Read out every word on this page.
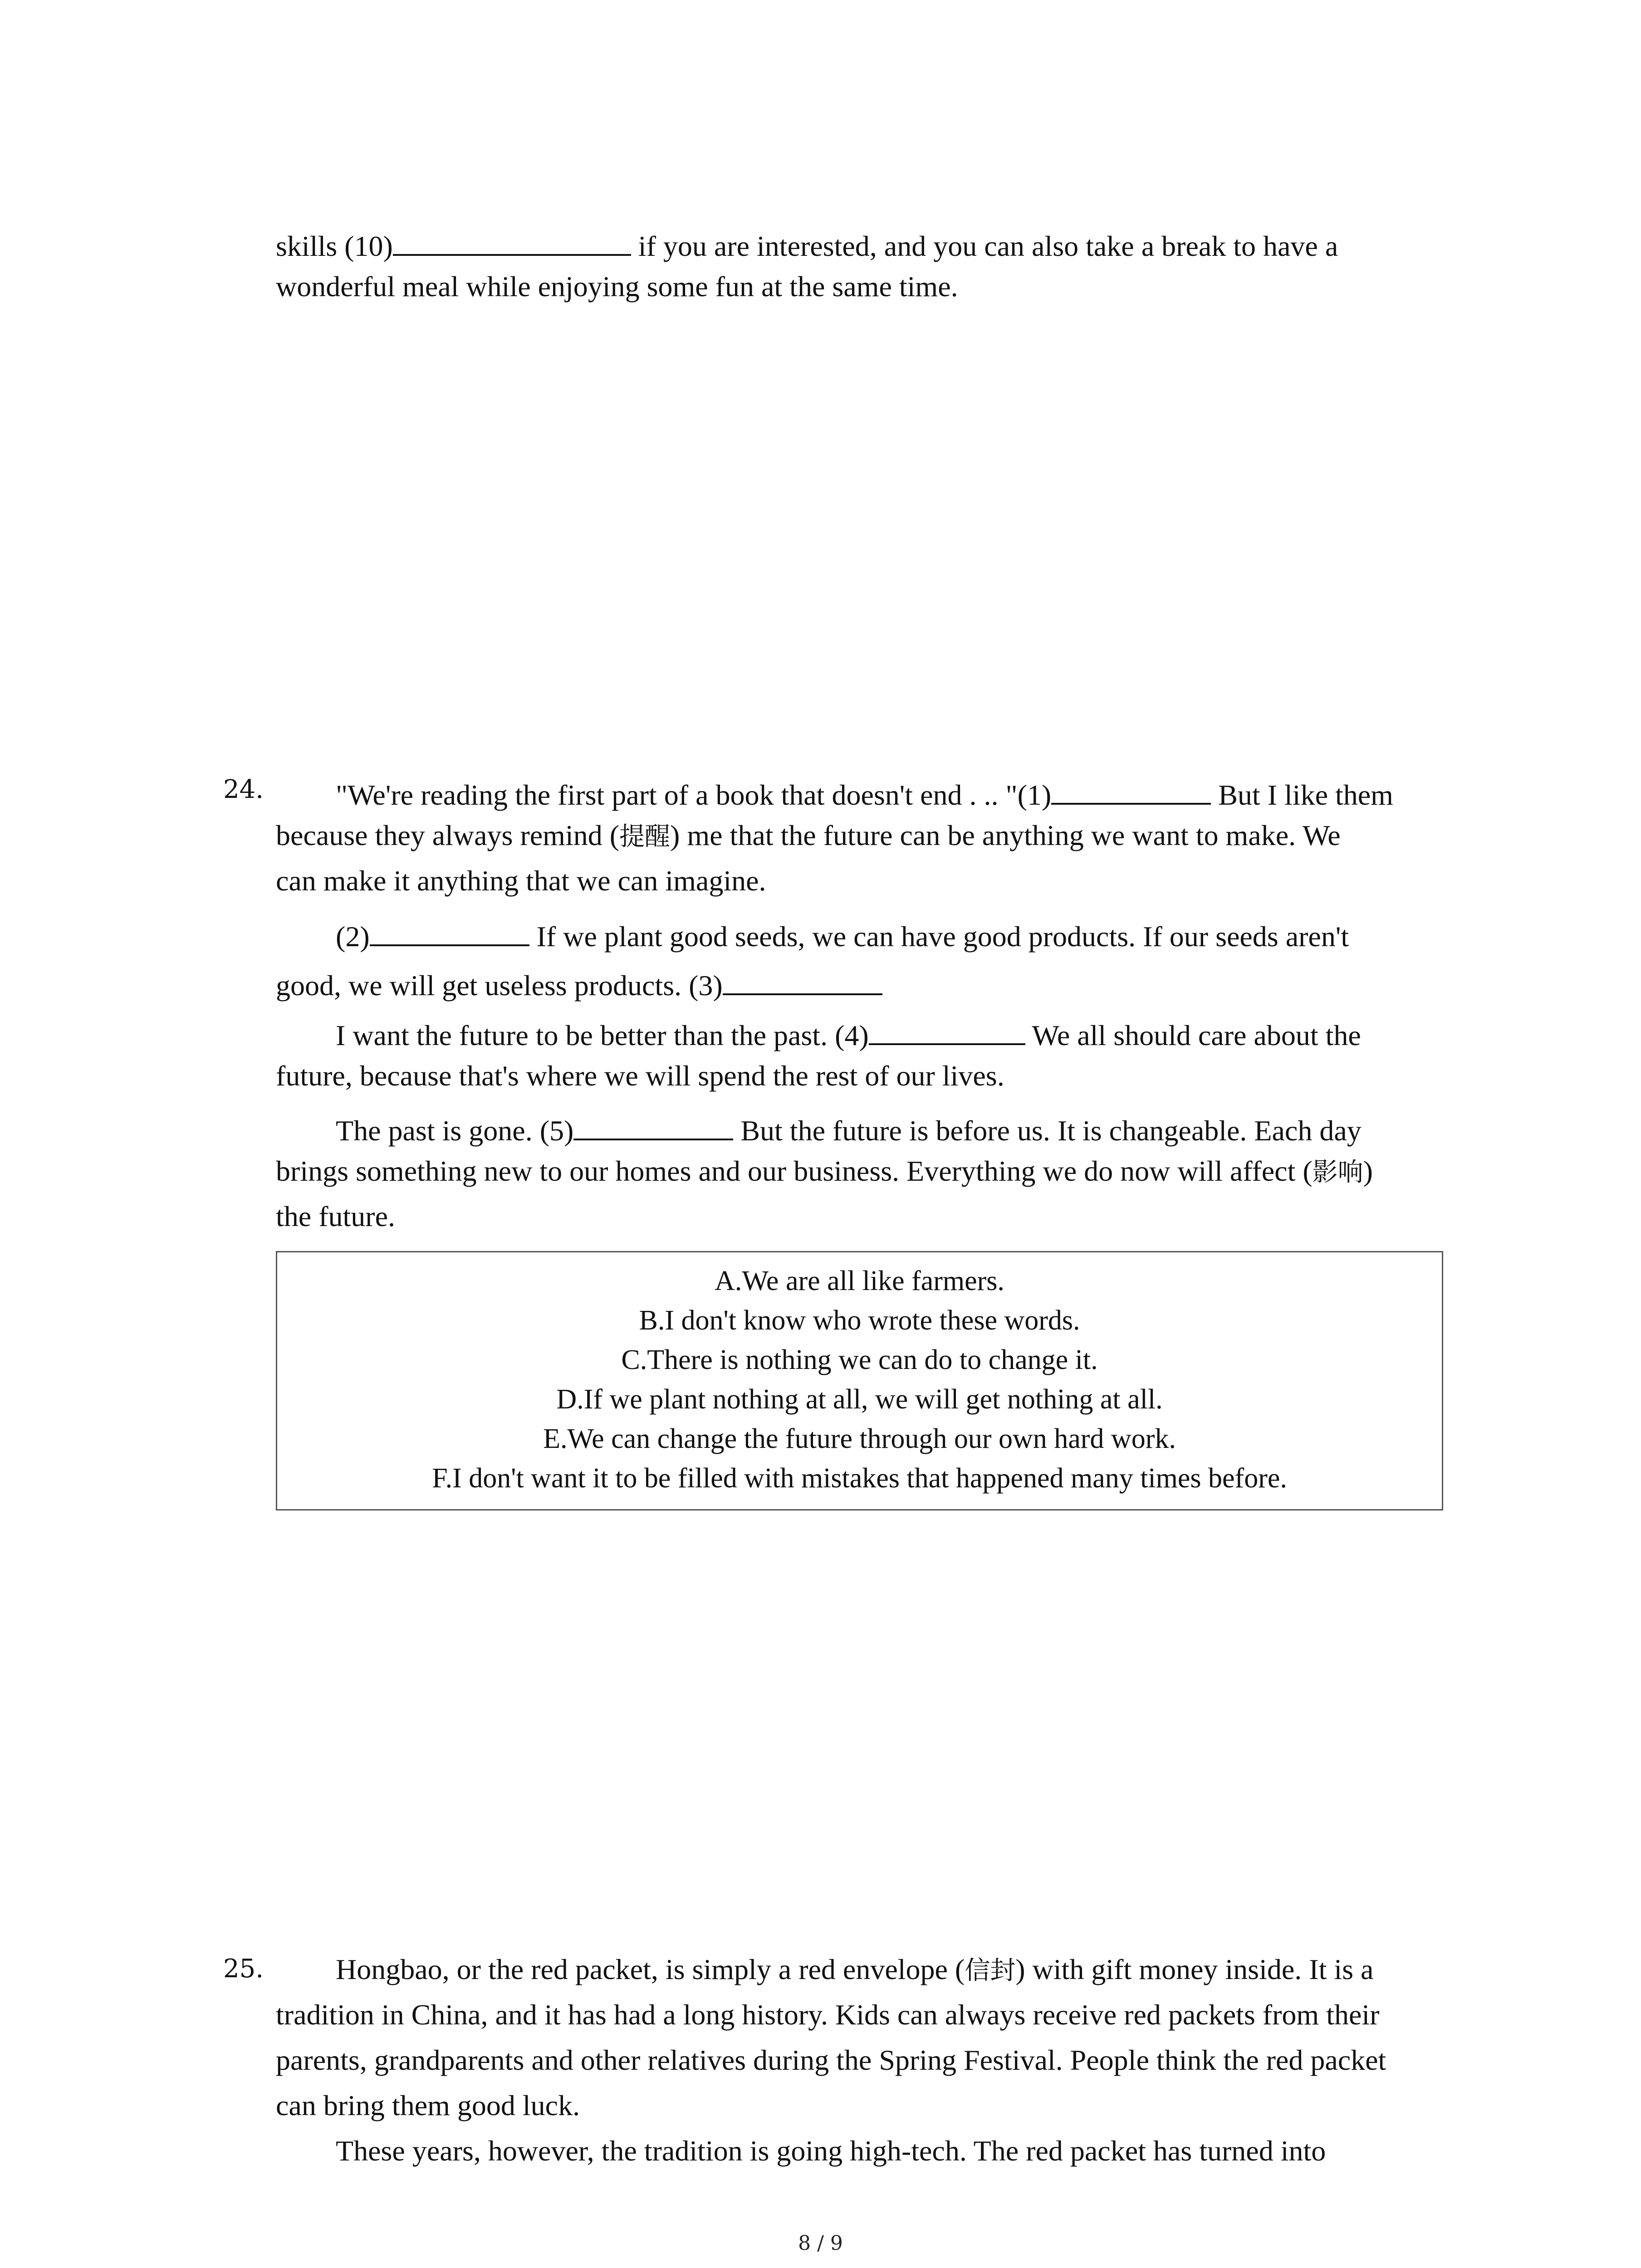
skills (10)	if you are interested, and you can also take a break to have a
wonderful meal while enjoying some fun at the same time.
24. "We're reading the first part of a book that doesn't end . .. "(1)	But I like them
because they always remind (提醒) me that the future can be anything we want to make. We
can make it anything that we can imagine.
(2)	If we plant good seeds, we can have good products. If our seeds aren't
good, we will get useless products. (3)
I want the future to be better than the past. (4)	We all should care about the
future, because that's where we will spend the rest of our lives.
The past is gone. (5)	But the future is before us. It is changeable. Each day
brings something new to our homes and our business. Everything we do now will affect (影响)
the future.
A.We are all like farmers.
B.I don't know who wrote these words.
C.There is nothing we can do to change it.
D.If we plant nothing at all, we will get nothing at all.
E.We can change the future through our own hard work.
F.I don't want it to be filled with mistakes that happened many times before.
25. Hongbao, or the red packet, is simply a red envelope (信封) with gift money inside. It is a
tradition in China, and it has had a long history. Kids can always receive red packets from their
parents, grandparents and other relatives during the Spring Festival. People think the red packet
can bring them good luck.
These years, however, the tradition is going high-tech. The red packet has turned into
8 / 9
